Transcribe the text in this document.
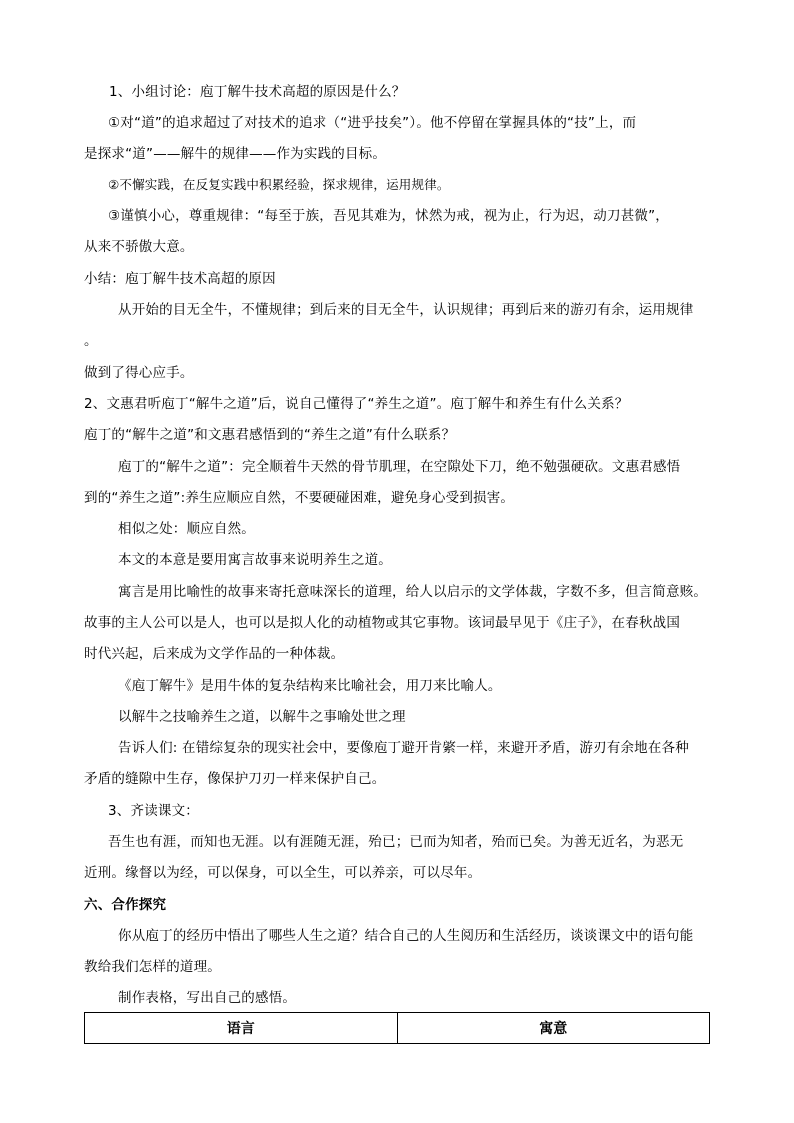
1、小组讨论：庖丁解牛技术高超的原因是什么？
①对“道”的追求超过了对技术的追求（“进乎技矣”）。他不停留在掌握具体的“技”上，而
是探求“道”——解牛的规律——作为实践的目标。
②不懈实践，在反复实践中积累经验，探求规律，运用规律。
③谨慎小心，尊重规律：“每至于族，吾见其难为，怵然为戒，视为止，行为迟，动刀甚微”，
从来不骄傲大意。
小结：庖丁解牛技术高超的原因
从开始的目无全牛，不懂规律；到后来的目无全牛，认识规律；再到后来的游刃有余，运用规律
。
做到了得心应手。
2、文惠君听庖丁“解牛之道”后，说自己懂得了“养生之道”。庖丁解牛和养生有什么关系？
庖丁的“解牛之道”和文惠君感悟到的“养生之道”有什么联系？
庖丁的“解牛之道”：完全顺着牛天然的骨节肌理，在空隙处下刀，绝不勉强硬砍。文惠君感悟
到的“养生之道”:养生应顺应自然，不要硬碰困难，避免身心受到损害。
相似之处：顺应自然。
本文的本意是要用寓言故事来说明养生之道。
寓言是用比喻性的故事来寄托意味深长的道理，给人以启示的文学体裁，字数不多，但言简意赅。
故事的主人公可以是人，也可以是拟人化的动植物或其它事物。该词最早见于《庄子》，在春秋战国
时代兴起，后来成为文学作品的一种体裁。
《庖丁解牛》是用牛体的复杂结构来比喻社会，用刀来比喻人。
以解牛之技喻养生之道，以解牛之事喻处世之理
告诉人们: 在错综复杂的现实社会中，要像庖丁避开肯綮一样，来避开矛盾，游刃有余地在各种
矛盾的缝隙中生存，像保护刀刃一样来保护自己。
3、齐读课文：
吾生也有涯，而知也无涯。以有涯随无涯，殆已；已而为知者，殆而已矣。为善无近名，为恶无
近刑。缘督以为经，可以保身，可以全生，可以养亲，可以尽年。
六、合作探究
你从庖丁的经历中悟出了哪些人生之道？结合自己的人生阅历和生活经历，谈谈课文中的语句能
教给我们怎样的道理。
制作表格，写出自己的感悟。
语言	寓意
